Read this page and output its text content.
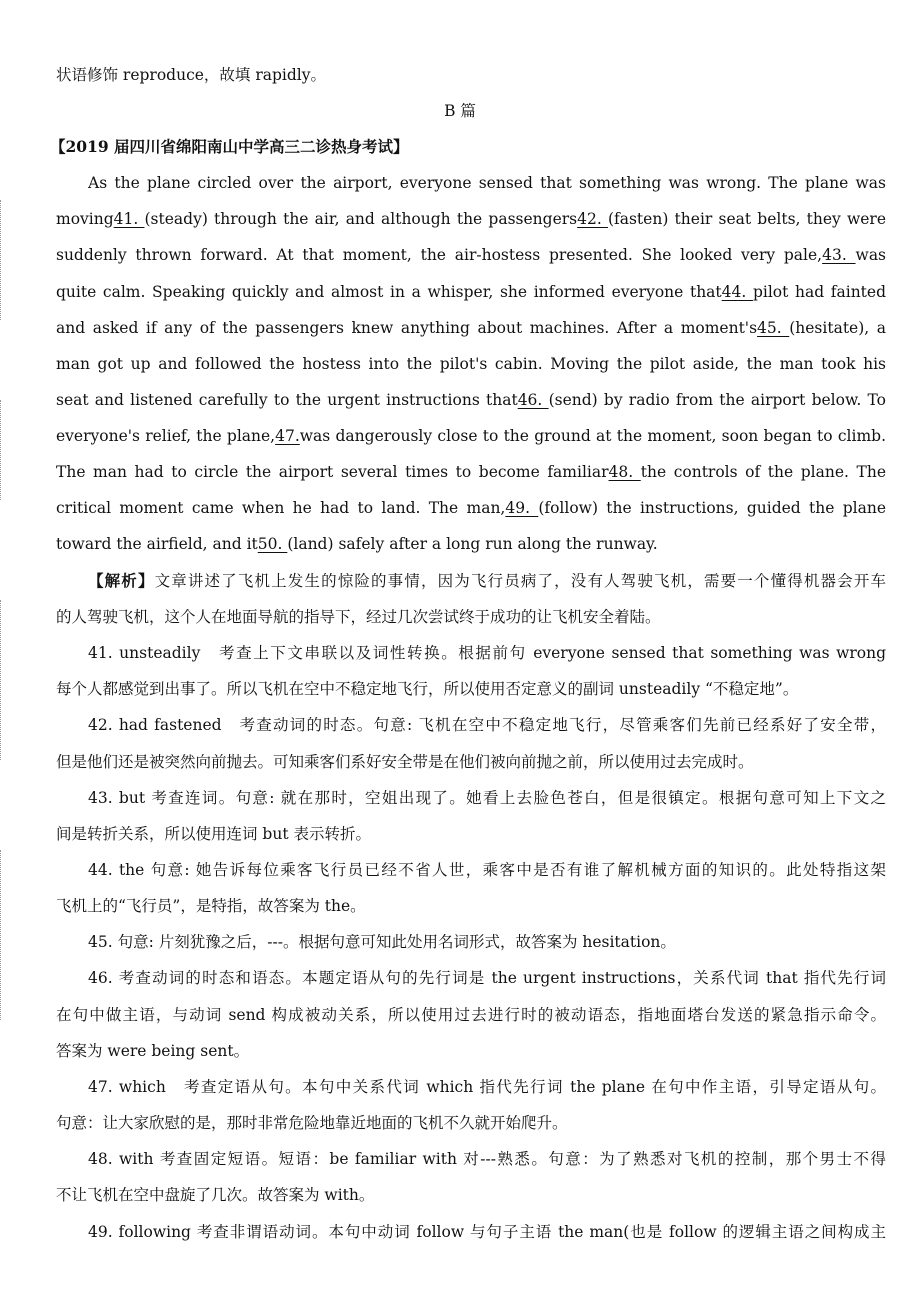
状语修饰 reproduce，故填 rapidly。
B 篇
【2019 届四川省绵阳南山中学高三二诊热身考试】
As the plane circled over the airport, everyone sensed that something was wrong. The plane was
moving41. (steady) through the air, and although the passengers42. (fasten) their seat belts, they were
suddenly thrown forward. At that moment, the air-hostess presented. She looked very pale,43. was
quite calm. Speaking quickly and almost in a whisper, she informed everyone that44. pilot had fainted
and asked if any of the passengers knew anything about machines. After a moment's45. (hesitate), a
man got up and followed the hostess into the pilot's cabin. Moving the pilot aside, the man took his
seat and listened carefully to the urgent instructions that46. (send) by radio from the airport below. To
everyone's relief, the plane,47.was dangerously close to the ground at the moment, soon began to climb.
The man had to circle the airport several times to become familiar48. the controls of the plane. The
critical moment came when he had to land. The man,49. (follow) the instructions, guided the plane
toward the airfield, and it50. (land) safely after a long run along the runway.
【解析】文章讲述了飞机上发生的惊险的事情，因为飞行员病了，没有人驾驶飞机，需要一个懂得机器会开车
的人驾驶飞机，这个人在地面导航的指导下，经过几次尝试终于成功的让飞机安全着陆。
41. unsteadily　考查上下文串联以及词性转换。根据前句 everyone sensed that something was wrong
每个人都感觉到出事了。所以飞机在空中不稳定地飞行，所以使用否定意义的副词 unsteadily “不稳定地”。
42. had fastened　考查动词的时态。句意: 飞机在空中不稳定地飞行，尽管乘客们先前已经系好了安全带，
但是他们还是被突然向前抛去。可知乘客们系好安全带是在他们被向前抛之前，所以使用过去完成时。
43. but 考查连词。句意: 就在那时，空姐出现了。她看上去脸色苍白，但是很镇定。根据句意可知上下文之
间是转折关系，所以使用连词 but 表示转折。
44. the 句意: 她告诉每位乘客飞行员已经不省人世，乘客中是否有谁了解机械方面的知识的。此处特指这架
飞机上的“飞行员”，是特指，故答案为 the。
45. 句意: 片刻犹豫之后，---。根据句意可知此处用名词形式，故答案为 hesitation。
46. 考查动词的时态和语态。本题定语从句的先行词是 the urgent instructions，关系代词 that 指代先行词
在句中做主语，与动词 send 构成被动关系，所以使用过去进行时的被动语态，指地面塔台发送的紧急指示命令。
答案为 were being sent。
47. which　考查定语从句。本句中关系代词 which 指代先行词 the plane 在句中作主语，引导定语从句。
句意：让大家欣慰的是，那时非常危险地靠近地面的飞机不久就开始爬升。
48. with 考查固定短语。短语：be familiar with 对---熟悉。句意：为了熟悉对飞机的控制，那个男士不得
不让飞机在空中盘旋了几次。故答案为 with。
49. following 考查非谓语动词。本句中动词 follow 与句子主语 the man(也是 follow 的逻辑主语之间构成主
